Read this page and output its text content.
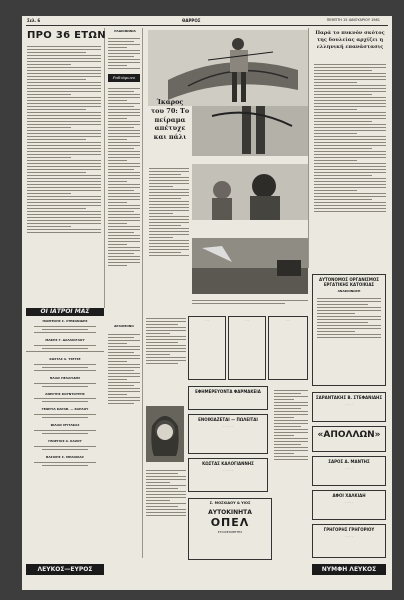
Σελ. 6	ΘΑΡΡΟΣ	ΠΕΜΠΤΗ 15 ΙΑΝΟΥΑΡΙΟΥ 1981
ΠΡΟ 36 ΕΤΩΝ	ΡΑΔΙΟΦΩΝΙΑ
Ραδιόφωνο
Ίκαρος του 70: Το πείραμα απέτυχε και πάλι
Παρά το πυκνόν σκότος της δουλείας αρχίζει η ελληνική επανάστασις
ΟΙ ΙΑΤΡΟΙ ΜΑΣ
ΠΑΝΤΕΛΗΣ Σ. ΣΤΕΦΑΝΙΔΗΣ
ΜΑΚΗΣ Γ. ΔΑΛΛΙΟΓΛΟΥ
ΚΩΣΤΑΣ Α. ΤΣΕΤΣΕ
ΗΛΙΑΣ ΠΕΛΑΓΙΔΗΣ
ΑΝΕΣΤΗΣ ΚΟΥΝΤΟΥΡΗΣ
ΓΕΩΡΓΙΑ ΚΑΡΑΒ. — ΚΑΡΑΟΥ
ΦΙΛΙΑΣ ΜΥΤΑΚΑΣ
ΓΕΩΡΓΙΟΣ Α. ΚΑΖΟΥ
ΒΑΣΙΛΗΣ Σ. ΜΠΑΛΙΚΑΣ
ΛΕΥΚΟΣ—ΕΥΡΟΣ
ΔΡΑΧΜΟΝΟ
· · ·	· · ·	· · ·
ΕΦΗΜΕΡΕΥΟΝΤΑ ΦΑΡΜΑΚΕΙΑ
ΕΝΟΙΚΙΑΖΕΤΑΙ — ΠΩΛΕΙΤΑΙ
· · · · · ·
ΚΩΣΤΑΣ ΚΑΛΟΓΙΑΝΝΗΣ
· · · · · ·
Σ. ΜΟΣΧΙΔΟΥ & ΥΙΟΣ
ΑΥΤΟΚΙΝΗΤΑ
ΟΠΕΛ
ΣΤΟΙΧΕΙΟΘΕΤΗΣ
ΑΥΤΟΝΟΜΟΣ ΟΡΓΑΝΙΣΜΟΣ ΕΡΓΑΤΙΚΗΣ ΚΑΤΟΙΚΙΑΣ
ΑΝΑΚΟΙΝΩΣΗ
ΣΑΡΑΝΤΑΚΗΣ Β. ΣΤΕΦΑΝΙΔΗΣ
· · · · ·
«ΑΠΟΛΛΩΝ»
ΣΑΡΟΣ Δ. ΜΑΝΤΗΣ
· · · · ·
ΑΦΟΙ ΧΑΛΚΙΔΗ
· · · · ·
ΓΡΗΓΟΡΗΣ ΓΡΗΓΟΡΙΟΥ
· · · · ·
ΝΥΜΦΗ ΛΕΥΚΟΣ
